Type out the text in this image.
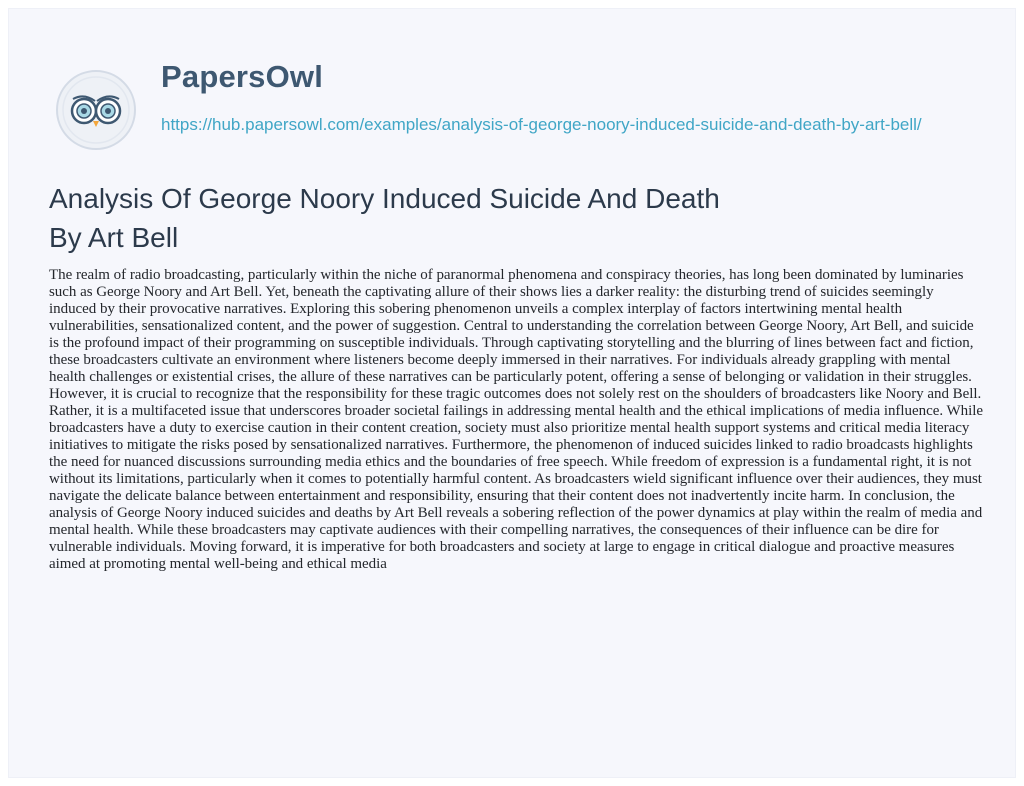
PapersOwl
https://hub.papersowl.com/examples/analysis-of-george-noory-induced-suicide-and-death-by-art-bell/
Analysis Of George Noory Induced Suicide And Death By Art Bell

The realm of radio broadcasting, particularly within the niche of paranormal phenomena and conspiracy theories, has long been dominated by luminaries such as George Noory and Art Bell. Yet, beneath the captivating allure of their shows lies a darker reality: the disturbing trend of suicides seemingly induced by their provocative narratives. Exploring this sobering phenomenon unveils a complex interplay of factors intertwining mental health vulnerabilities, sensationalized content, and the power of suggestion. Central to understanding the correlation between George Noory, Art Bell, and suicide is the profound impact of their programming on susceptible individuals. Through captivating storytelling and the blurring of lines between fact and fiction, these broadcasters cultivate an environment where listeners become deeply immersed in their narratives. For individuals already grappling with mental health challenges or existential crises, the allure of these narratives can be particularly potent, offering a sense of belonging or validation in their struggles. However, it is crucial to recognize that the responsibility for these tragic outcomes does not solely rest on the shoulders of broadcasters like Noory and Bell. Rather, it is a multifaceted issue that underscores broader societal failings in addressing mental health and the ethical implications of media influence. While broadcasters have a duty to exercise caution in their content creation, society must also prioritize mental health support systems and critical media literacy initiatives to mitigate the risks posed by sensationalized narratives. Furthermore, the phenomenon of induced suicides linked to radio broadcasts highlights the need for nuanced discussions surrounding media ethics and the boundaries of free speech. While freedom of expression is a fundamental right, it is not without its limitations, particularly when it comes to potentially harmful content. As broadcasters wield significant influence over their audiences, they must navigate the delicate balance between entertainment and responsibility, ensuring that their content does not inadvertently incite harm. In conclusion, the analysis of George Noory induced suicides and deaths by Art Bell reveals a sobering reflection of the power dynamics at play within the realm of media and mental health. While these broadcasters may captivate audiences with their compelling narratives, the consequences of their influence can be dire for vulnerable individuals. Moving forward, it is imperative for both broadcasters and society at large to engage in critical dialogue and proactive measures aimed at promoting mental well-being and ethical media
